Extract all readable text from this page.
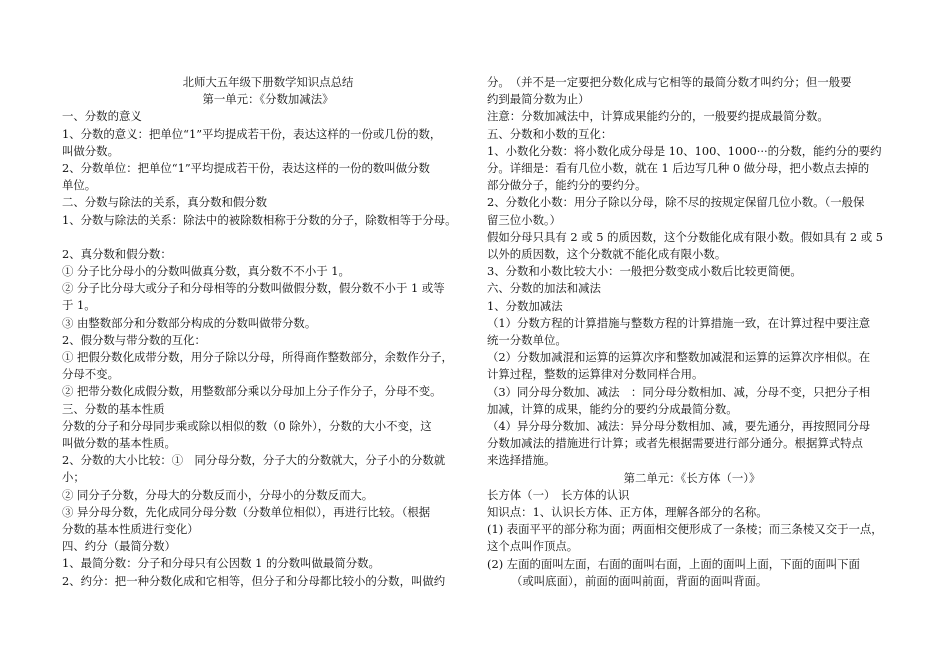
北师大五年级下册数学知识点总结
第一单元：《分数加减法》
一、分数的意义
1、分数的意义：把单位“1”平均提成若干份，表达这样的一份或几份的数，
叫做分数。
2、分数单位：把单位“1”平均提成若干份，表达这样的一份的数叫做分数
单位。
二、分数与除法的关系，真分数和假分数
1、分数与除法的关系：除法中的被除数相称于分数的分子，除数相等于分母。
2、真分数和假分数：
① 分子比分母小的分数叫做真分数，真分数不不小于 1。
② 分子比分母大或分子和分母相等的分数叫做假分数，假分数不小于 1 或等
于 1。
③ 由整数部分和分数部分构成的分数叫做带分数。
2、假分数与带分数的互化：
① 把假分数化成带分数，用分子除以分母，所得商作整数部分，余数作分子，
分母不变。
② 把带分数化成假分数，用整数部分乘以分母加上分子作分子，分母不变。
三、分数的基本性质
分数的分子和分母同步乘或除以相似的数（0 除外），分数的大小不变，这
叫做分数的基本性质。
2、分数的大小比较：①　同分母分数，分子大的分数就大，分子小的分数就
小；
② 同分子分数，分母大的分数反而小，分母小的分数反而大。
③ 异分母分数，先化成同分母分数（分数单位相似），再进行比较。（根据
分数的基本性质进行变化）
四、约分（最简分数）
1、最简分数：分子和分母只有公因数 1 的分数叫做最简分数。
2、约分：把一种分数化成和它相等，但分子和分母都比较小的分数，叫做约
分。　（并不是一定要把分数化成与它相等的最简分数才叫约分；但一般要
约到最简分数为止）
注意：分数加减法中，计算成果能约分的，一般要约提成最简分数。
五、分数和小数的互化：
1、小数化分数：将小数化成分母是 10、100、1000···的分数，能约分的要约
分。详细是：看有几位小数，就在 1 后边写几种 0 做分母，把小数点去掉的
部分做分子，能约分的要约分。
2、分数化小数：用分子除以分母，除不尽的按规定保留几位小数。（一般保
留三位小数。）
假如分母只具有 2 或 5 的质因数，这个分数能化成有限小数。假如具有 2 或 5
以外的质因数，这个分数就不能化成有限小数。
3、分数和小数比较大小：一般把分数变成小数后比较更简便。
六、分数的加法和减法
1、分数加减法
（1）分数方程的计算措施与整数方程的计算措施一致，在计算过程中要注意
统一分数单位。
（2）分数加减混和运算的运算次序和整数加减混和运算的运算次序相似。在
计算过程，整数的运算律对分数同样合用。
（3）同分母分数加、减法　：同分母分数相加、减，分母不变，只把分子相
加减，计算的成果，能约分的要约分成最简分数。
（4）异分母分数加、减法：异分母分数相加、减，要先通分，再按照同分母
分数加减法的措施进行计算；或者先根据需要进行部分通分。根据算式特点
来选择措施。
第二单元：《长方体（一）》
长方体（一）　长方体的认识
知识点：1、认识长方体、正方体，理解各部分的名称。
(1) 表面平平的部分称为面；两面相交便形成了一条棱；而三条棱又交于一点，
这个点叫作顶点。
(2) 左面的面叫左面，右面的面叫右面，上面的面叫上面，下面的面叫下面
（或叫底面），前面的面叫前面，背面的面叫背面。
